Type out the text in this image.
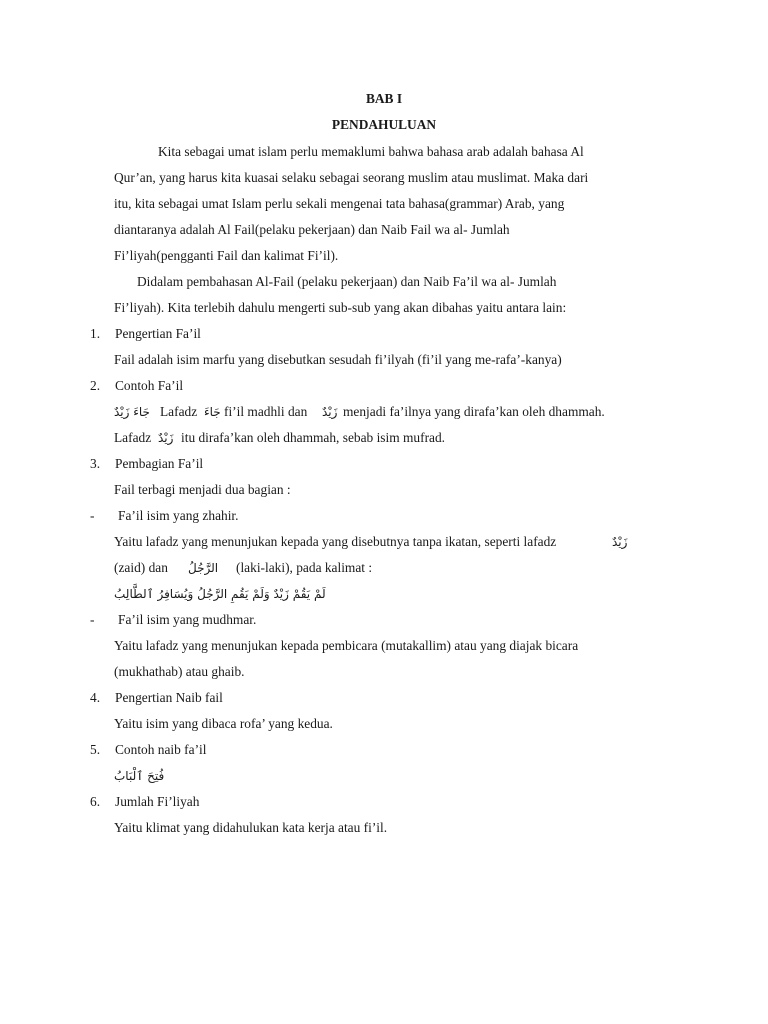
BAB I
PENDAHULUAN
Kita sebagai umat islam perlu memaklumi bahwa bahasa arab adalah bahasa Al
Qur’an, yang harus kita kuasai selaku sebagai seorang muslim atau muslimat. Maka dari
itu, kita sebagai umat Islam perlu sekali mengenai tata bahasa(grammar) Arab, yang
diantaranya adalah Al Fail(pelaku pekerjaan) dan Naib Fail wa al- Jumlah
Fi’liyah(pengganti Fail dan kalimat Fi’il).
Didalam pembahasan Al-Fail (pelaku pekerjaan) dan Naib Fa’il wa al- Jumlah
Fi’liyah). Kita terlebih dahulu mengerti sub-sub yang akan dibahas yaitu antara lain:
1. Pengertian Fa’il
Fail adalah isim marfu yang disebutkan sesudah fi’ilyah (fi’il yang me-rafa’-kanya)
2. Contoh Fa’il
جَاءَ زَيْدٌ Lafadz جَاءَ fi’il madhli dan زَيْدٌ menjadi fa’ilnya yang dirafa’kan oleh dhammah.
Lafadz زَيْدٌ itu dirafa’kan oleh dhammah, sebab isim mufrad.
3. Pembagian Fa’il
Fail terbagi menjadi dua bagian :
- Fa’il isim yang zhahir.
Yaitu lafadz yang menunjukan kepada yang disebutnya tanpa ikatan, seperti lafadz	زَيْدٌ
(zaid) dan الرَّجُلُ (laki-laki), pada kalimat :
لَمْ يَقُمْ زَيْدٌ وَلَمْ يَقُمِ الرَّجُلُ وَيُسَافِرُ ٱلطَّالِبُ
- Fa’il isim yang mudhmar.
Yaitu lafadz yang menunjukan kepada pembicara (mutakallim) atau yang diajak bicara
(mukhathab) atau ghaib.
4. Pengertian Naib fail
Yaitu isim yang dibaca rofa’ yang kedua.
5. Contoh naib fa’il
فُتِحَ ٱلْبَابُ
6. Jumlah Fi’liyah
Yaitu klimat yang didahulukan kata kerja atau fi’il.
